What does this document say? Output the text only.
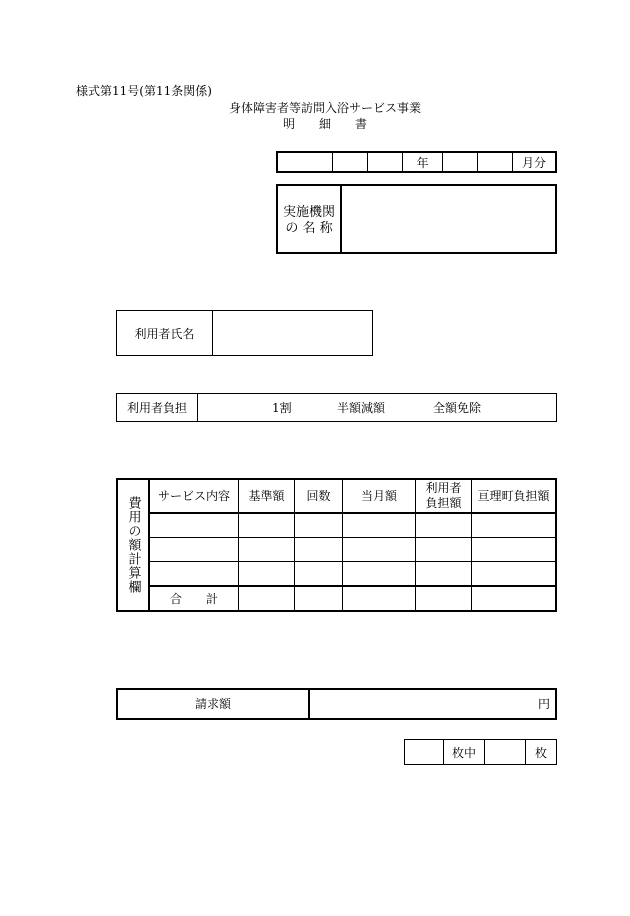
様式第11号(第11条関係)
身体障害者等訪問入浴サービス事業
明　　細　　書
			年			月分
実施機関
の 名 称
利用者氏名	
利用者負担	1割	半額減額	全額免除
費用の額計算欄	サービス内容	基準額	回数	当月額	利用者負担額	亘理町負担額

	合　　計					
請求額	円
	枚中		枚
